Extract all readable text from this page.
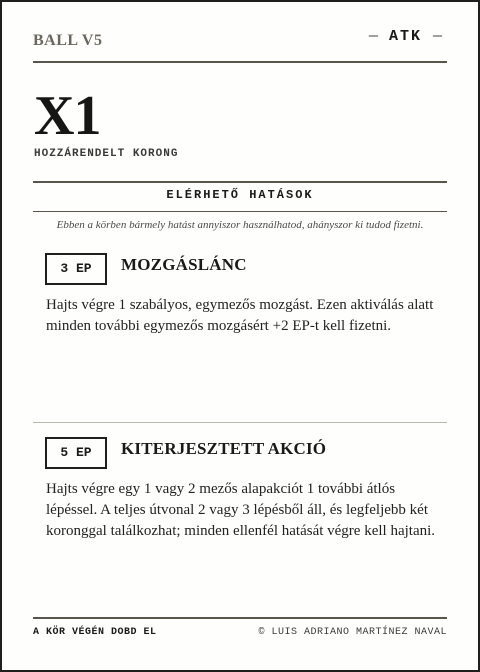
BALL V5	— ATK —
X1
HOZZÁRENDELT KORONG
ELÉRHETŐ HATÁSOK
Ebben a körben bármely hatást annyiszor használhatod, ahányszor ki tudod fizetni.
3 EP	MOZGÁSLÁNC
Hajts végre 1 szabályos, egymezős mozgást. Ezen aktiválás alatt minden további egymezős mozgásért +2 EP-t kell fizetni.
5 EP	KITERJESZTETT AKCIÓ
Hajts végre egy 1 vagy 2 mezős alapakciót 1 további átlós lépéssel. A teljes útvonal 2 vagy 3 lépésből áll, és legfeljebb két koronggal találkozhat; minden ellenfél hatását végre kell hajtani.
A KÖR VÉGÉN DOBD EL	© LUIS ADRIANO MARTÍNEZ NAVAL
